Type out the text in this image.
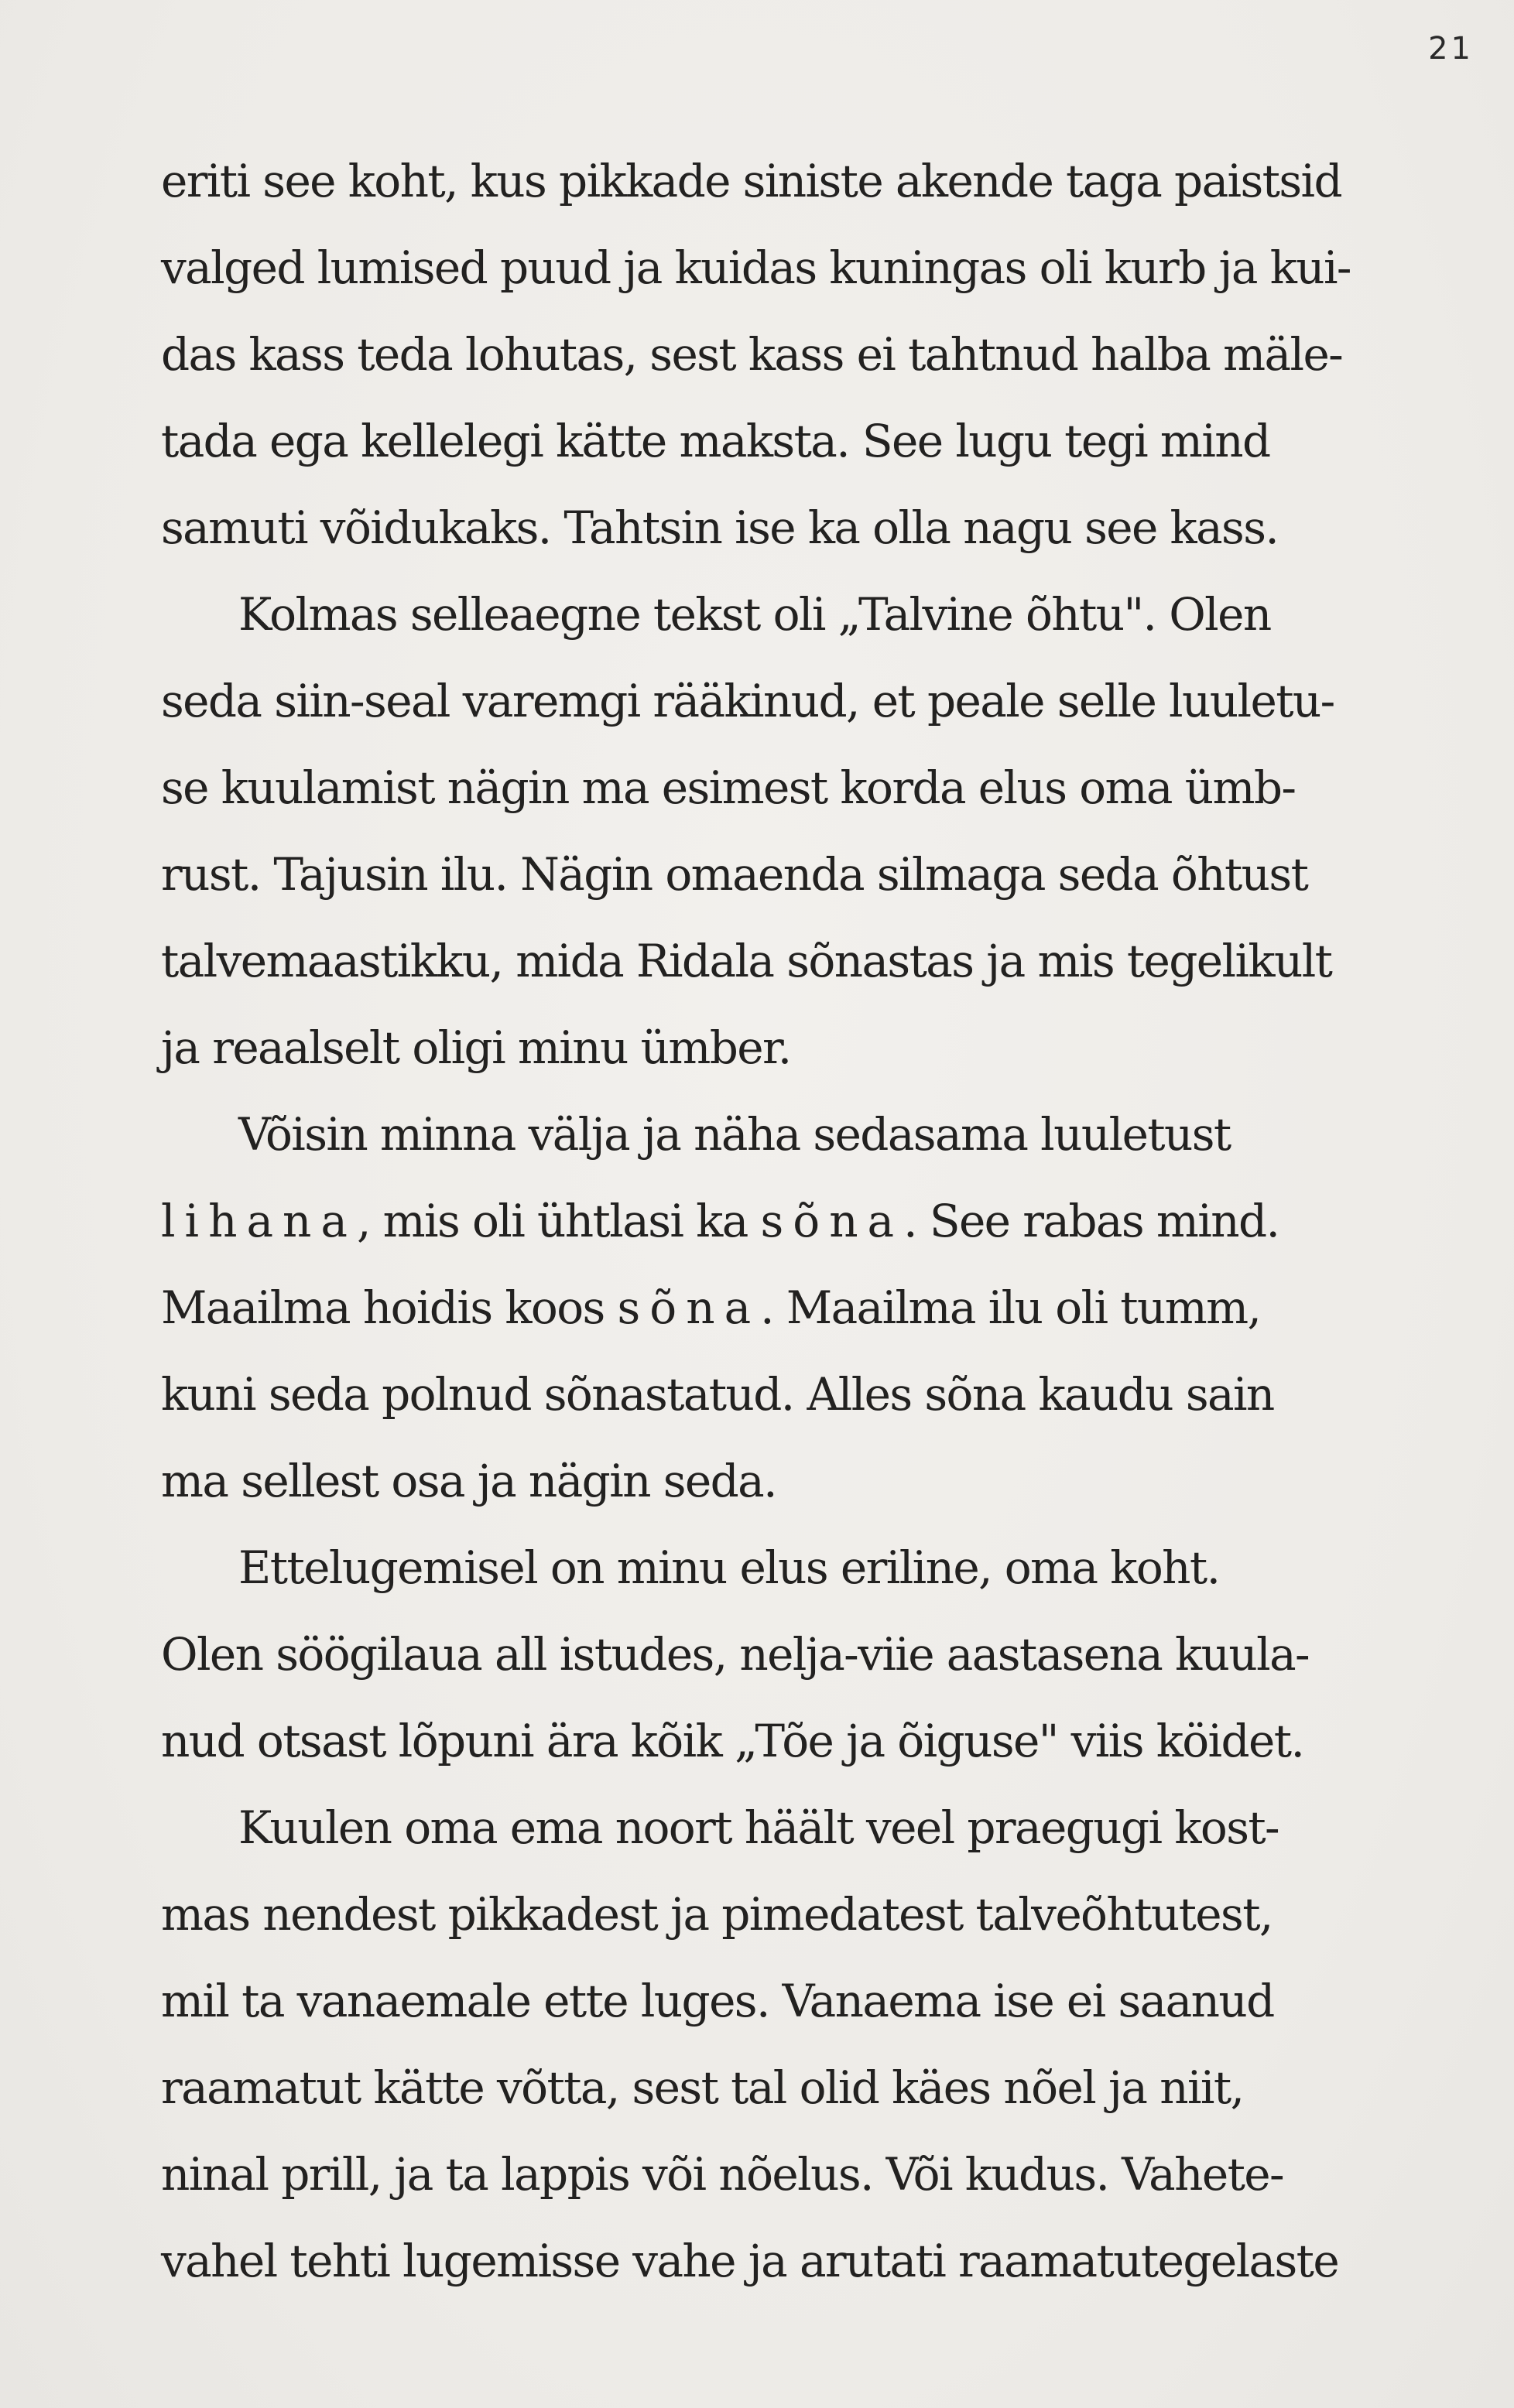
21
eriti see koht, kus pikkade siniste akende taga paistsid
valged lumised puud ja kuidas kuningas oli kurb ja kui-
das kass teda lohutas, sest kass ei tahtnud halba mäle-
tada ega kellelegi kätte maksta. See lugu tegi mind
samuti võidukaks. Tahtsin ise ka olla nagu see kass.
Kolmas selleaegne tekst oli „Talvine õhtu". Olen
seda siin-seal varemgi rääkinud, et peale selle luuletu-
se kuulamist nägin ma esimest korda elus oma ümb-
rust. Tajusin ilu. Nägin omaenda silmaga seda õhtust
talvemaastikku, mida Ridala sõnastas ja mis tegelikult
ja reaalselt oligi minu ümber.
Võisin minna välja ja näha sedasama luuletust
lihana, mis oli ühtlasi ka sõna. See rabas mind.
Maailma hoidis koos sõna. Maailma ilu oli tumm,
kuni seda polnud sõnastatud. Alles sõna kaudu sain
ma sellest osa ja nägin seda.
Ettelugemisel on minu elus eriline, oma koht.
Olen söögilaua all istudes, nelja-viie aastasena kuula-
nud otsast lõpuni ära kõik „Tõe ja õiguse" viis köidet.
Kuulen oma ema noort häält veel praegugi kost-
mas nendest pikkadest ja pimedatest talveõhtutest,
mil ta vanaemale ette luges. Vanaema ise ei saanud
raamatut kätte võtta, sest tal olid käes nõel ja niit,
ninal prill, ja ta lappis või nõelus. Või kudus. Vahete-
vahel tehti lugemisse vahe ja arutati raamatutegelaste
